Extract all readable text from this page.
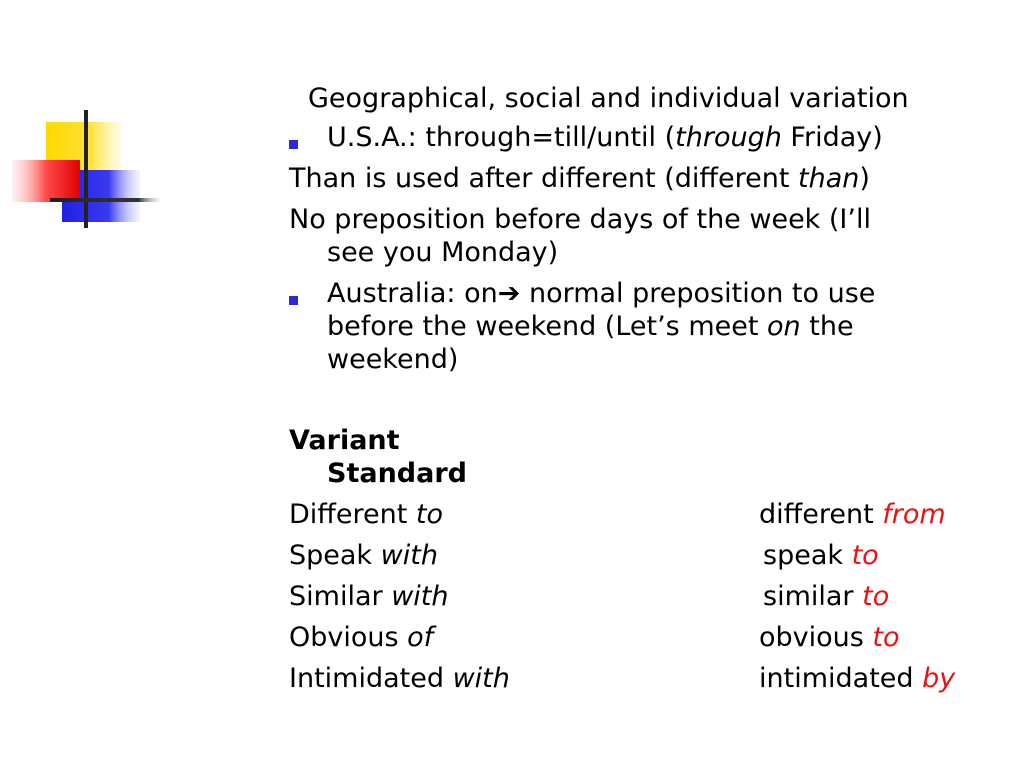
Geographical, social and individual variation
U.S.A.: through=till/until (through Friday)
Than is used after different (different than)
No preposition before days of the week (I’ll
see you Monday)
Australia: on➔ normal preposition to use
before the weekend (Let’s meet on the
weekend)
Variant
Standard
Different to	different from
Speak with	speak to
Similar with	similar to
Obvious of	obvious to
Intimidated with	intimidated by
